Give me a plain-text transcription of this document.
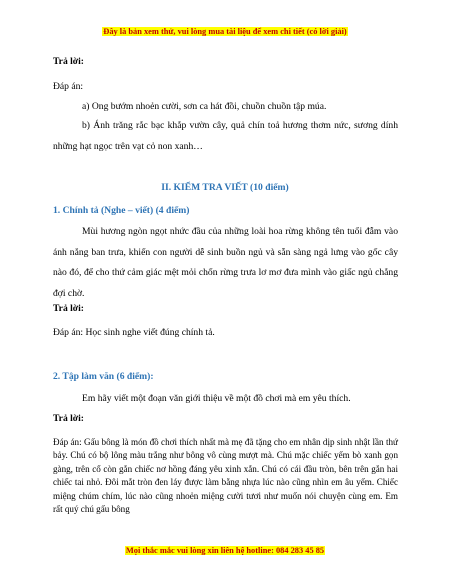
Đây là bản xem thử, vui lòng mua tài liệu để xem chi tiết (có lời giải)
Trả lời:
Đáp án:
a) Ong bướm nhoẻn cười, sơn ca hát đồi, chuồn chuồn tập múa.
b) Ánh trăng rắc bạc khắp vườn cây, quả chín toả hương thơm nức, sương dính những hạt ngọc trên vạt cỏ non xanh…
II. KIỂM TRA VIẾT (10 điểm)
1. Chính tả (Nghe – viết) (4 điểm)
Mùi hương ngòn ngọt nhức đầu của những loài hoa rừng không tên tuổi đẫm vào ánh nắng ban trưa, khiến con người dễ sinh buồn ngủ và sẵn sàng ngả lưng vào gốc cây nào đó, để cho thứ cảm giác mệt mỏi chốn rừng trưa lơ mơ đưa mình vào giấc ngủ chẳng đợi chờ.
Trả lời:
Đáp án: Học sinh nghe viết đúng chính tả.
2. Tập làm văn (6 điểm):
Em hãy viết một đoạn văn giới thiệu về một đồ chơi mà em yêu thích.
Trả lời:
Đáp án: Gấu bông là món đồ chơi thích nhất mà mẹ đã tặng cho em nhân dịp sinh nhật lần thứ bảy. Chú có bộ lông màu trắng như bông vô cùng mượt mà. Chú mặc chiếc yếm bò xanh gọn gàng, trên cổ còn gắn chiếc nơ hồng đáng yêu xinh xắn. Chú có cái đầu tròn, bên trên gắn hai chiếc tai nhỏ. Đôi mắt tròn đen láy được làm bằng nhựa lúc nào cũng nhìn em âu yếm. Chiếc miệng chúm chím, lúc nào cũng nhoẻn miệng cười tươi như muốn nói chuyện cùng em. Em rất quý chú gấu bông
Mọi thắc mắc vui lòng xin liên hệ hotline: 084 283 45 85
